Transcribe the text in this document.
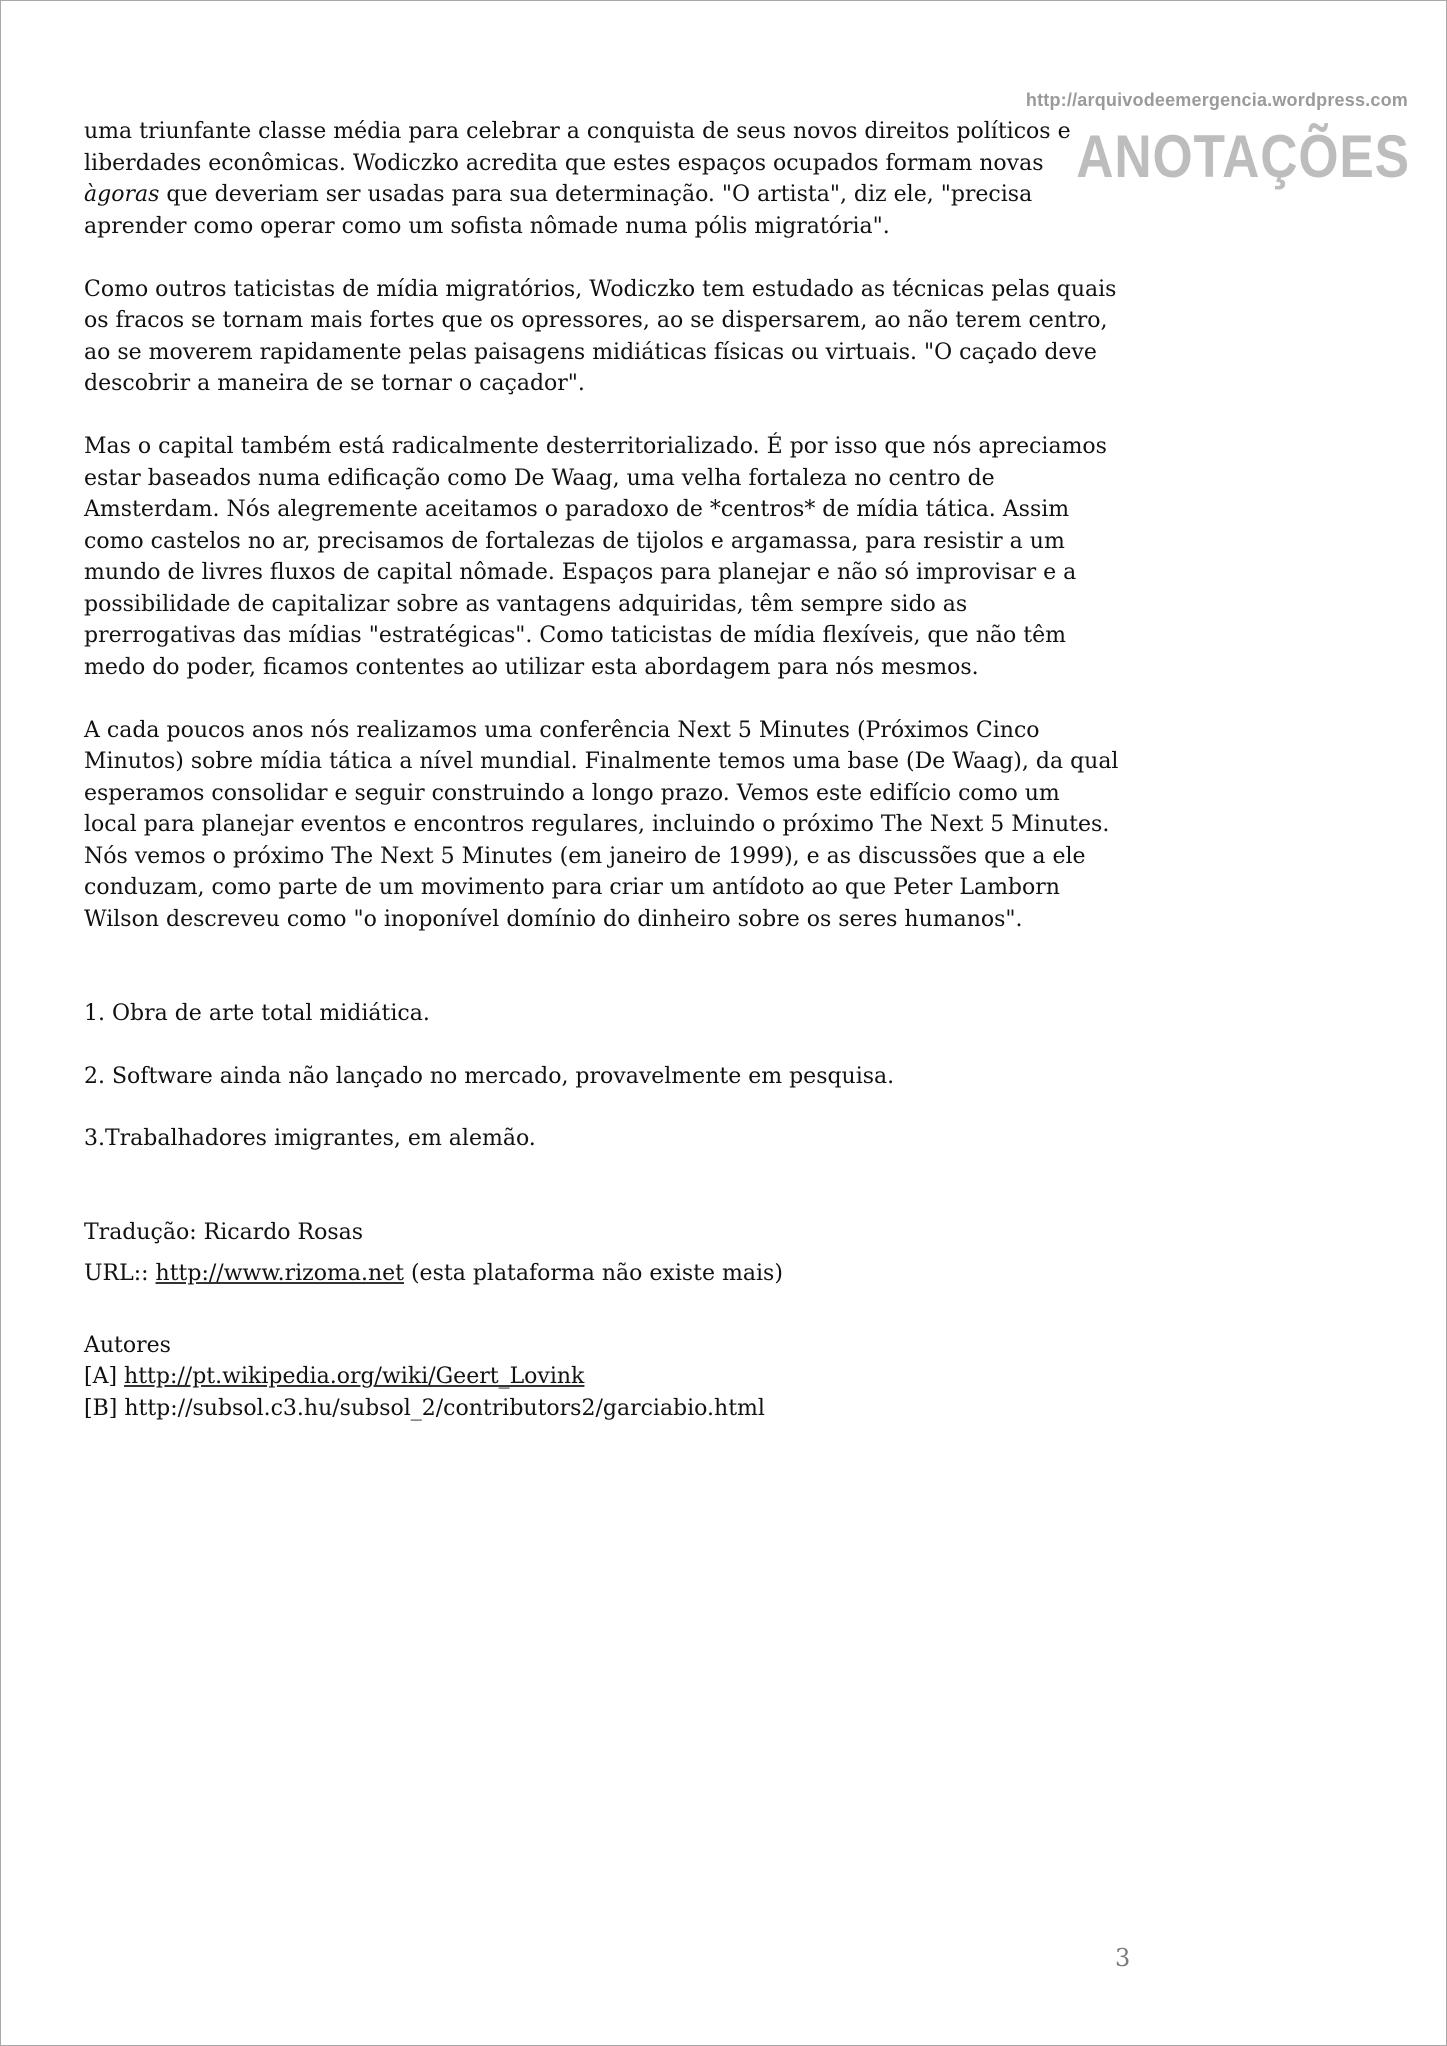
http://arquivodeemergencia.wordpress.com
ANOTAÇÕES

uma triunfante classe média para celebrar a conquista de seus novos direitos políticos e liberdades econômicas. Wodiczko acredita que estes espaços ocupados formam novas àgoras que deveriam ser usadas para sua determinação. "O artista", diz ele, "precisa aprender como operar como um sofista nômade numa pólis migratória".

Como outros taticistas de mídia migratórios, Wodiczko tem estudado as técnicas pelas quais os fracos se tornam mais fortes que os opressores, ao se dispersarem, ao não terem centro, ao se moverem rapidamente pelas paisagens midiáticas físicas ou virtuais. "O caçado deve descobrir a maneira de se tornar o caçador".

Mas o capital também está radicalmente desterritorializado. É por isso que nós apreciamos estar baseados numa edificação como De Waag, uma velha fortaleza no centro de Amsterdam. Nós alegremente aceitamos o paradoxo de *centros* de mídia tática. Assim como castelos no ar, precisamos de fortalezas de tijolos e argamassa, para resistir a um mundo de livres fluxos de capital nômade. Espaços para planejar e não só improvisar e a possibilidade de capitalizar sobre as vantagens adquiridas, têm sempre sido as prerrogativas das mídias "estratégicas". Como taticistas de mídia flexíveis, que não têm medo do poder, ficamos contentes ao utilizar esta abordagem para nós mesmos.

A cada poucos anos nós realizamos uma conferência Next 5 Minutes (Próximos Cinco Minutos) sobre mídia tática a nível mundial. Finalmente temos uma base (De Waag), da qual esperamos consolidar e seguir construindo a longo prazo. Vemos este edifício como um local para planejar eventos e encontros regulares, incluindo o próximo The Next 5 Minutes. Nós vemos o próximo The Next 5 Minutes (em janeiro de 1999), e as discussões que a ele conduzam, como parte de um movimento para criar um antídoto ao que Peter Lamborn Wilson descreveu como "o inoponível domínio do dinheiro sobre os seres humanos".

1. Obra de arte total midiática.

2. Software ainda não lançado no mercado, provavelmente em pesquisa.

3.Trabalhadores imigrantes, em alemão.

Tradução: Ricardo Rosas

URL:: http://www.rizoma.net (esta plataforma não existe mais)

Autores

[A] http://pt.wikipedia.org/wiki/Geert_Lovink

[B] http://subsol.c3.hu/subsol_2/contributors2/garciabio.html

3
